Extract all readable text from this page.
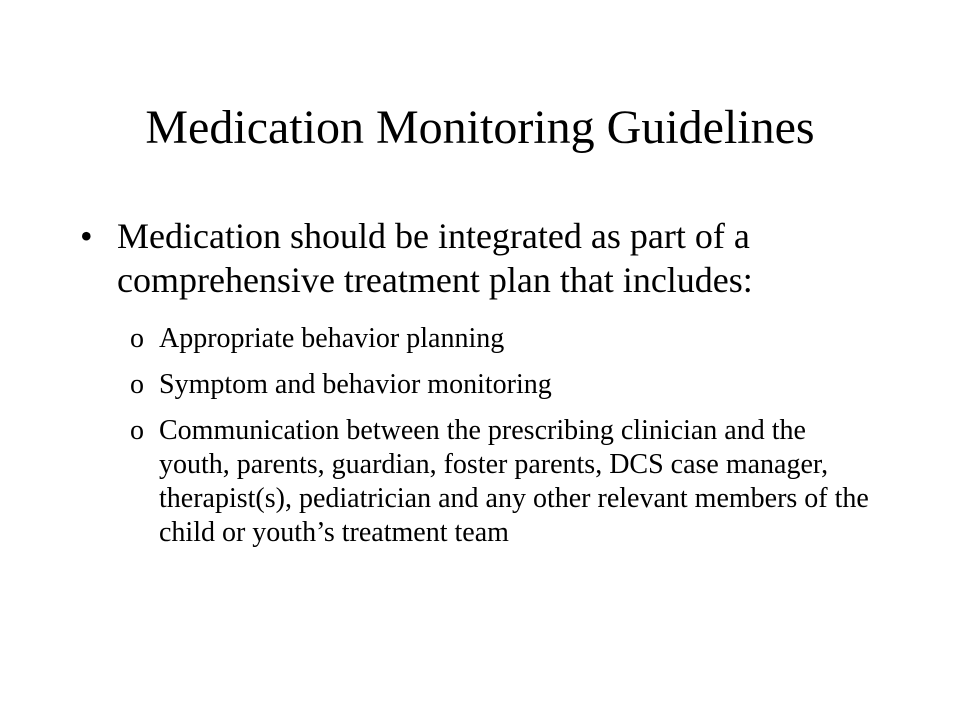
Medication Monitoring Guidelines
• Medication should be integrated as part of a comprehensive treatment plan that includes:
o Appropriate behavior planning
o Symptom and behavior monitoring
o Communication between the prescribing clinician and the youth, parents, guardian, foster parents, DCS case manager, therapist(s), pediatrician and any other relevant members of the child or youth’s treatment team
